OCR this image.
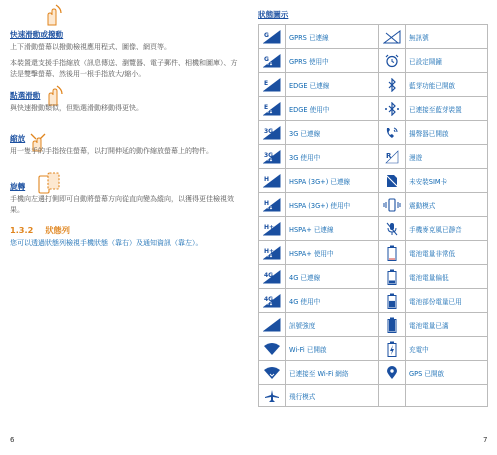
快速滑動或撥動
上下滑動螢幕以撥動檢視應用程式、圖像、網頁等。
本裝置還支援手指縮放（訊息傳送、瀏覽器、電子郵件、相機和圖庫）、方法是雙擊螢幕、然後用一根手指放大/縮小。
點選滑動
與快速撥動類似，但點選滑動移動得更快。
縮放
用一隻手的手指按住螢幕，以打開伸延的動作縮放螢幕上的物件。
旋轉
手機向左邊打側即可自動將螢幕方向從直向變為縱向，以獲得更佳檢視效果。
1.3.2 狀態列
您可以透過狀態列檢視手機狀態（靠右）及通知資訊（靠左）。
6
狀態圖示
G	GPRS 已連線		無訊號

G	GPRS 使用中		已設定鬧鐘

E	EDGE 已連線		藍芽功能已開啟

E	EDGE 使用中		已連接至藍芽裝置

3G	3G 已連線		揚聲器已開啟

3G	3G 使用中	R	漫遊

H	HSPA (3G+) 已連線		未安裝SIM卡

H	HSPA (3G+) 使用中		震動模式

H+	HSPA+ 已連線		手機麥克風已靜音

H+	HSPA+ 使用中		電池電量非常低

4G	4G 已連線		電池電量偏低

4G	4G 使用中		電池部份電量已用

	訊號強度		電池電量已滿

	Wi-Fi 已開啟		充電中

	已連接至 Wi-Fi 網絡		GPS 已開啟

	飛行模式		
7
